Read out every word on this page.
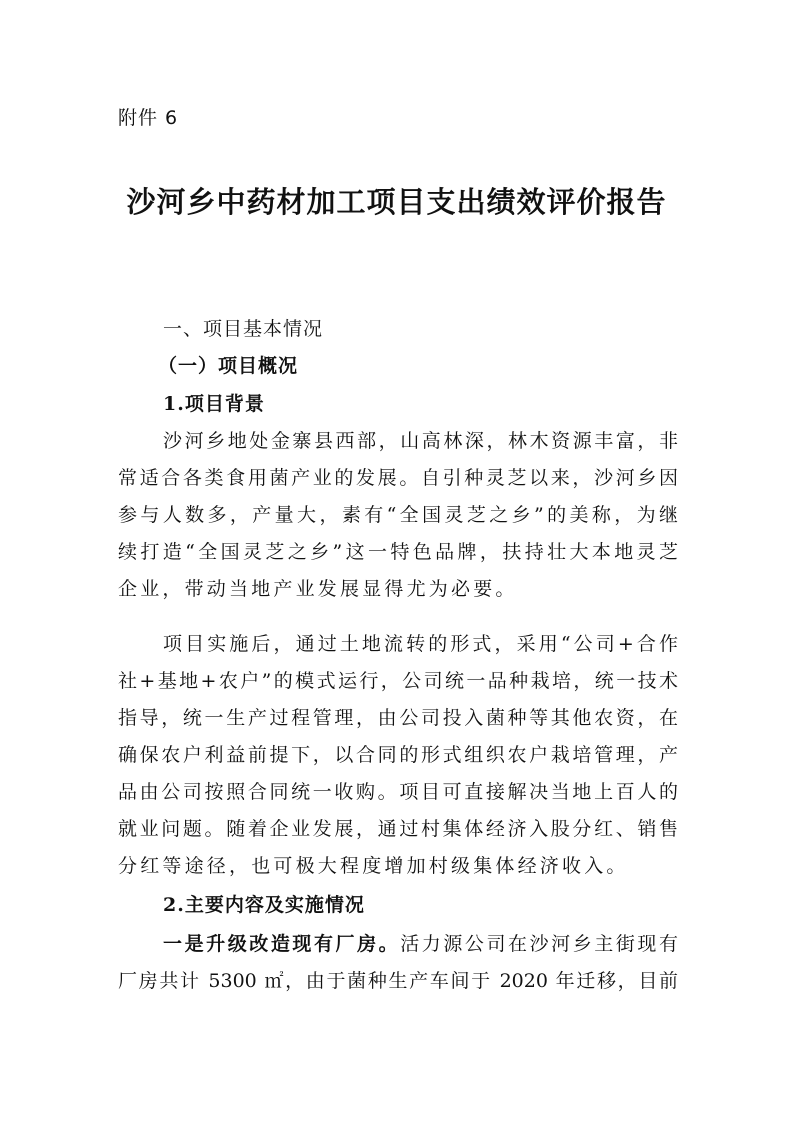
附件 6
沙河乡中药材加工项目支出绩效评价报告
一、项目基本情况
（一）项目概况
1.项目背景
沙河乡地处金寨县西部，山高林深，林木资源丰富，非
常适合各类食用菌产业的发展。自引种灵芝以来，沙河乡因
参与人数多，产量大，素有“全国灵芝之乡”的美称，为继
续打造“全国灵芝之乡”这一特色品牌，扶持壮大本地灵芝
企业，带动当地产业发展显得尤为必要。
项目实施后，通过土地流转的形式，采用“公司+合作
社+基地+农户”的模式运行，公司统一品种栽培，统一技术
指导，统一生产过程管理，由公司投入菌种等其他农资，在
确保农户利益前提下，以合同的形式组织农户栽培管理，产
品由公司按照合同统一收购。项目可直接解决当地上百人的
就业问题。随着企业发展，通过村集体经济入股分红、销售
分红等途径，也可极大程度增加村级集体经济收入。
2.主要内容及实施情况
一是升级改造现有厂房。活力源公司在沙河乡主街现有
厂房共计 5300 ㎡，由于菌种生产车间于 2020 年迁移，目前
